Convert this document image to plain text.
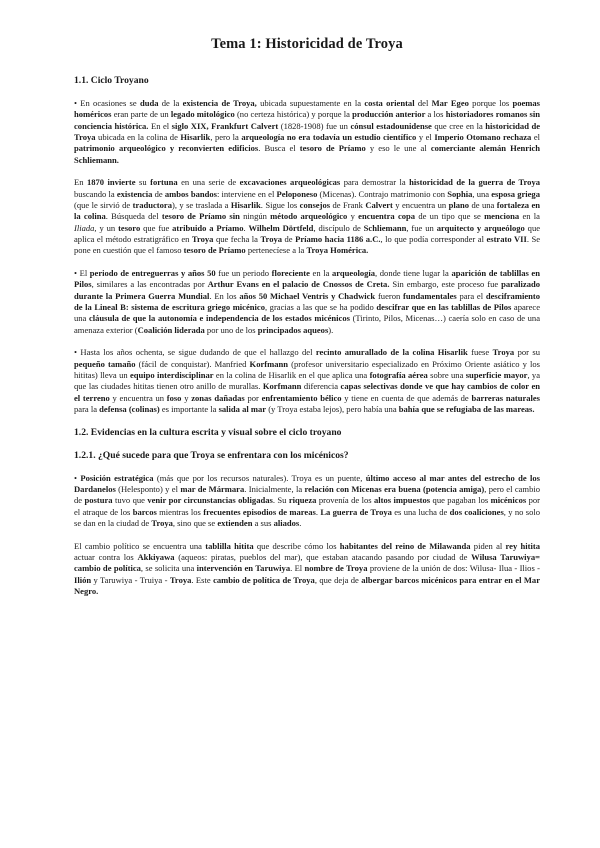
Tema 1: Historicidad de Troya
1.1. Ciclo Troyano

• En ocasiones se duda de la existencia de Troya, ubicada supuestamente en la costa oriental del Mar Egeo porque los poemas homéricos eran parte de un legado mitológico (no certeza histórica) y porque la producción anterior a los historiadores romanos sin conciencia histórica. En el siglo XIX, Frankfurt Calvert (1828-1908) fue un cónsul estadounidense que cree en la historicidad de Troya ubicada en la colina de Hisarlik, pero la arqueología no era todavía un estudio científico y el Imperio Otomano rechaza el patrimonio arqueológico y reconvierten edificios. Busca el tesoro de Príamo y eso le une al comerciante alemán Henrich Schliemann.

En 1870 invierte su fortuna en una serie de excavaciones arqueológicas para demostrar la historicidad de la guerra de Troya buscando la existencia de ambos bandos: interviene en el Peloponeso (Micenas). Contrajo matrimonio con Sophia, una esposa griega (que le sirvió de traductora), y se traslada a Hisarlik. Sigue los consejos de Frank Calvert y encuentra un plano de una fortaleza en la colina. Búsqueda del tesoro de Príamo sin ningún método arqueológico y encuentra copa de un tipo que se menciona en la Iliada, y un tesoro que fue atribuido a Príamo. Wilhelm Dörtfeld, discípulo de Schliemann, fue un arquitecto y arqueólogo que aplica el método estratigráfico en Troya que fecha la Troya de Príamo hacia 1186 a.C., lo que podía corresponder al estrato VII. Se pone en cuestión que el famoso tesoro de Príamo pertenecíese a la Troya Homérica.

• El periodo de entreguerras y años 50 fue un periodo floreciente en la arqueología, donde tiene lugar la aparición de tablillas en Pilos, similares a las encontradas por Arthur Evans en el palacio de Cnossos de Creta. Sin embargo, este proceso fue paralizado durante la Primera Guerra Mundial. En los años 50 Michael Ventris y Chadwick fueron fundamentales para el desciframiento de la Lineal B: sistema de escritura griego micénico, gracias a las que se ha podido descifrar que en las tablillas de Pilos aparece una cláusula de que la autonomía e independencia de los estados micénicos (Tirinto, Pilos, Micenas…) caería solo en caso de una amenaza exterior (Coalición liderada por uno de los principados aqueos).

• Hasta los años ochenta, se sigue dudando de que el hallazgo del recinto amurallado de la colina Hisarlik fuese Troya por su pequeño tamaño (fácil de conquistar). Manfried Korfmann (profesor universitario especializado en Próximo Oriente asiático y los hititas) lleva un equipo interdisciplinar en la colina de Hisarlik en el que aplica una fotografía aérea sobre una superficie mayor, ya que las ciudades hititas tienen otro anillo de murallas. Korfmann diferencia capas selectivas donde ve que hay cambios de color en el terreno y encuentra un foso y zonas dañadas por enfrentamiento bélico y tiene en cuenta de que además de barreras naturales para la defensa (colinas) es importante la salida al mar (y Troya estaba lejos), pero había una bahía que se refugiaba de las mareas.

1.2. Evidencias en la cultura escrita y visual sobre el ciclo troyano
1.2.1. ¿Qué sucede para que Troya se enfrentara con los micénicos?

• Posición estratégica (más que por los recursos naturales). Troya es un puente, último acceso al mar antes del estrecho de los Dardanelos (Helesponto) y el mar de Mármara. Inicialmente, la relación con Micenas era buena (potencia amiga), pero el cambio de postura tuvo que venir por circunstancias obligadas. Su riqueza provenía de los altos impuestos que pagaban los micénicos por el atraque de los barcos mientras los frecuentes episodios de mareas. La guerra de Troya es una lucha de dos coaliciones, y no solo se dan en la ciudad de Troya, sino que se extienden a sus aliados.

El cambio político se encuentra una tablilla hitita que describe cómo los habitantes del reino de Milawanda piden al rey hitita actuar contra los Akkiyawa (aqueos: piratas, pueblos del mar), que estaban atacando pasando por ciudad de Wilusa Taruwiya= cambio de política, se solicita una intervención en Taruwiya. El nombre de Troya proviene de la unión de dos: Wilusa- Ilua - Ilios - Ilión y Taruwiya - Truiya - Troya. Este cambio de política de Troya, que deja de albergar barcos micénicos para entrar en el Mar Negro.
